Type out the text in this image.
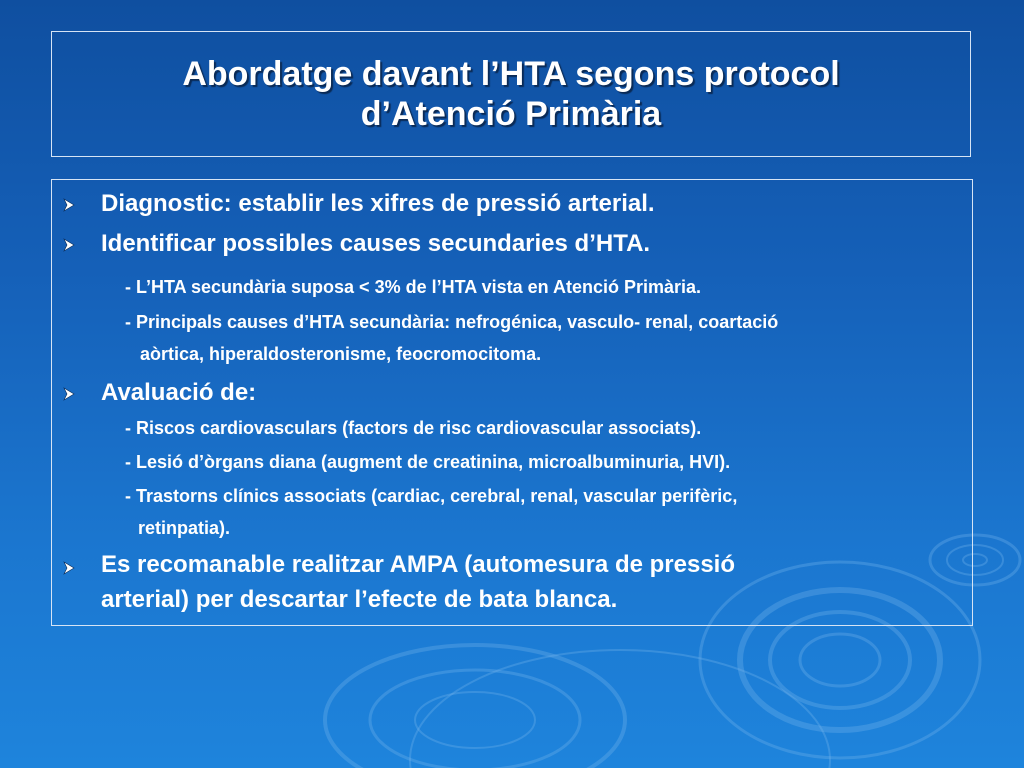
Abordatge davant l’HTA segons protocol
d’Atenció Primària
Diagnostic: establir les xifres de pressió arterial.
Identificar possibles causes secundaries d’HTA.
- L’HTA secundària suposa < 3% de l’HTA vista en Atenció Primària.
- Principals causes d’HTA secundària: nefrogénica, vasculo- renal, coartació
aòrtica, hiperaldosteronisme, feocromocitoma.
Avaluació de:
- Riscos cardiovasculars (factors de risc cardiovascular associats).
- Lesió d’òrgans diana (augment de creatinina, microalbuminuria, HVI).
- Trastorns clínics associats (cardiac, cerebral, renal, vascular perifèric,
retinpatia).
Es recomanable realitzar AMPA (automesura de pressió
arterial) per descartar l’efecte de bata blanca.
